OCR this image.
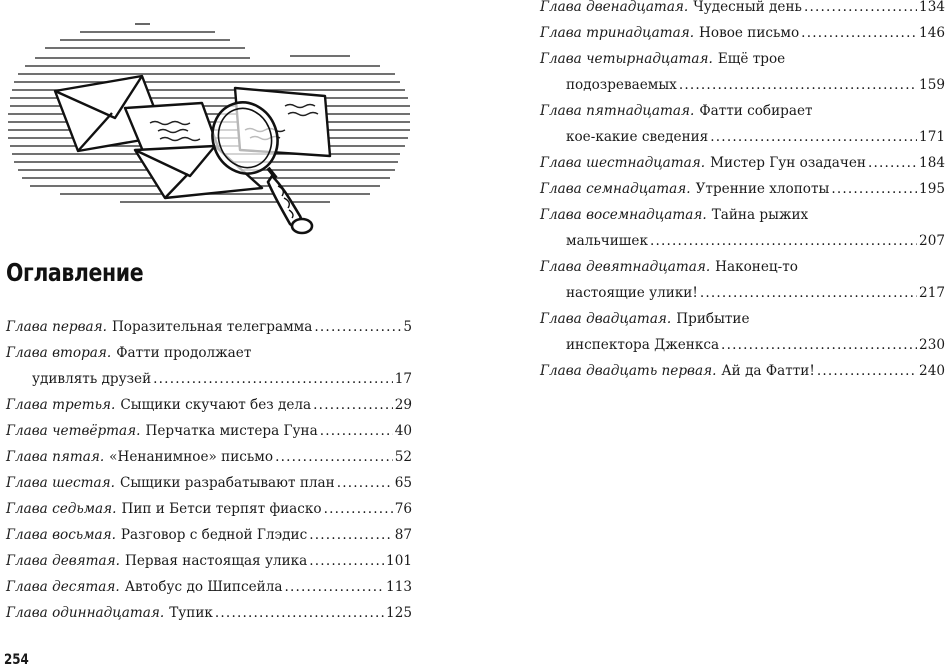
Оглавление
Глава первая. Поразительная телеграмма .....	5
Глава вторая. Фатти продолжает
удивлять друзей .....	17
Глава третья. Сыщики скучают без дела .....	29
Глава четвёртая. Перчатка мистера Гуна .....	40
Глава пятая. «Ненанимное» письмо .....	52
Глава шестая. Сыщики разрабатывают план .....	65
Глава седьмая. Пип и Бетси терпят фиаско .....	76
Глава восьмая. Разговор с бедной Глэдис .....	87
Глава девятая. Первая настоящая улика .....	101
Глава десятая. Автобус до Шипсейла .....	113
Глава одиннадцатая. Тупик .....	125
Глава двенадцатая. Чудесный день .....	134
Глава тринадцатая. Новое письмо .....	146
Глава четырнадцатая. Ещё трое
подозреваемых .....	159
Глава пятнадцатая. Фатти собирает
кое-какие сведения .....	171
Глава шестнадцатая. Мистер Гун озадачен .....	184
Глава семнадцатая. Утренние хлопоты .....	195
Глава восемнадцатая. Тайна рыжих
мальчишек .....	207
Глава девятнадцатая. Наконец-то
настоящие улики! .....	217
Глава двадцатая. Прибытие
инспектора Дженкса .....	230
Глава двадцать первая. Ай да Фатти! .....	240

254
